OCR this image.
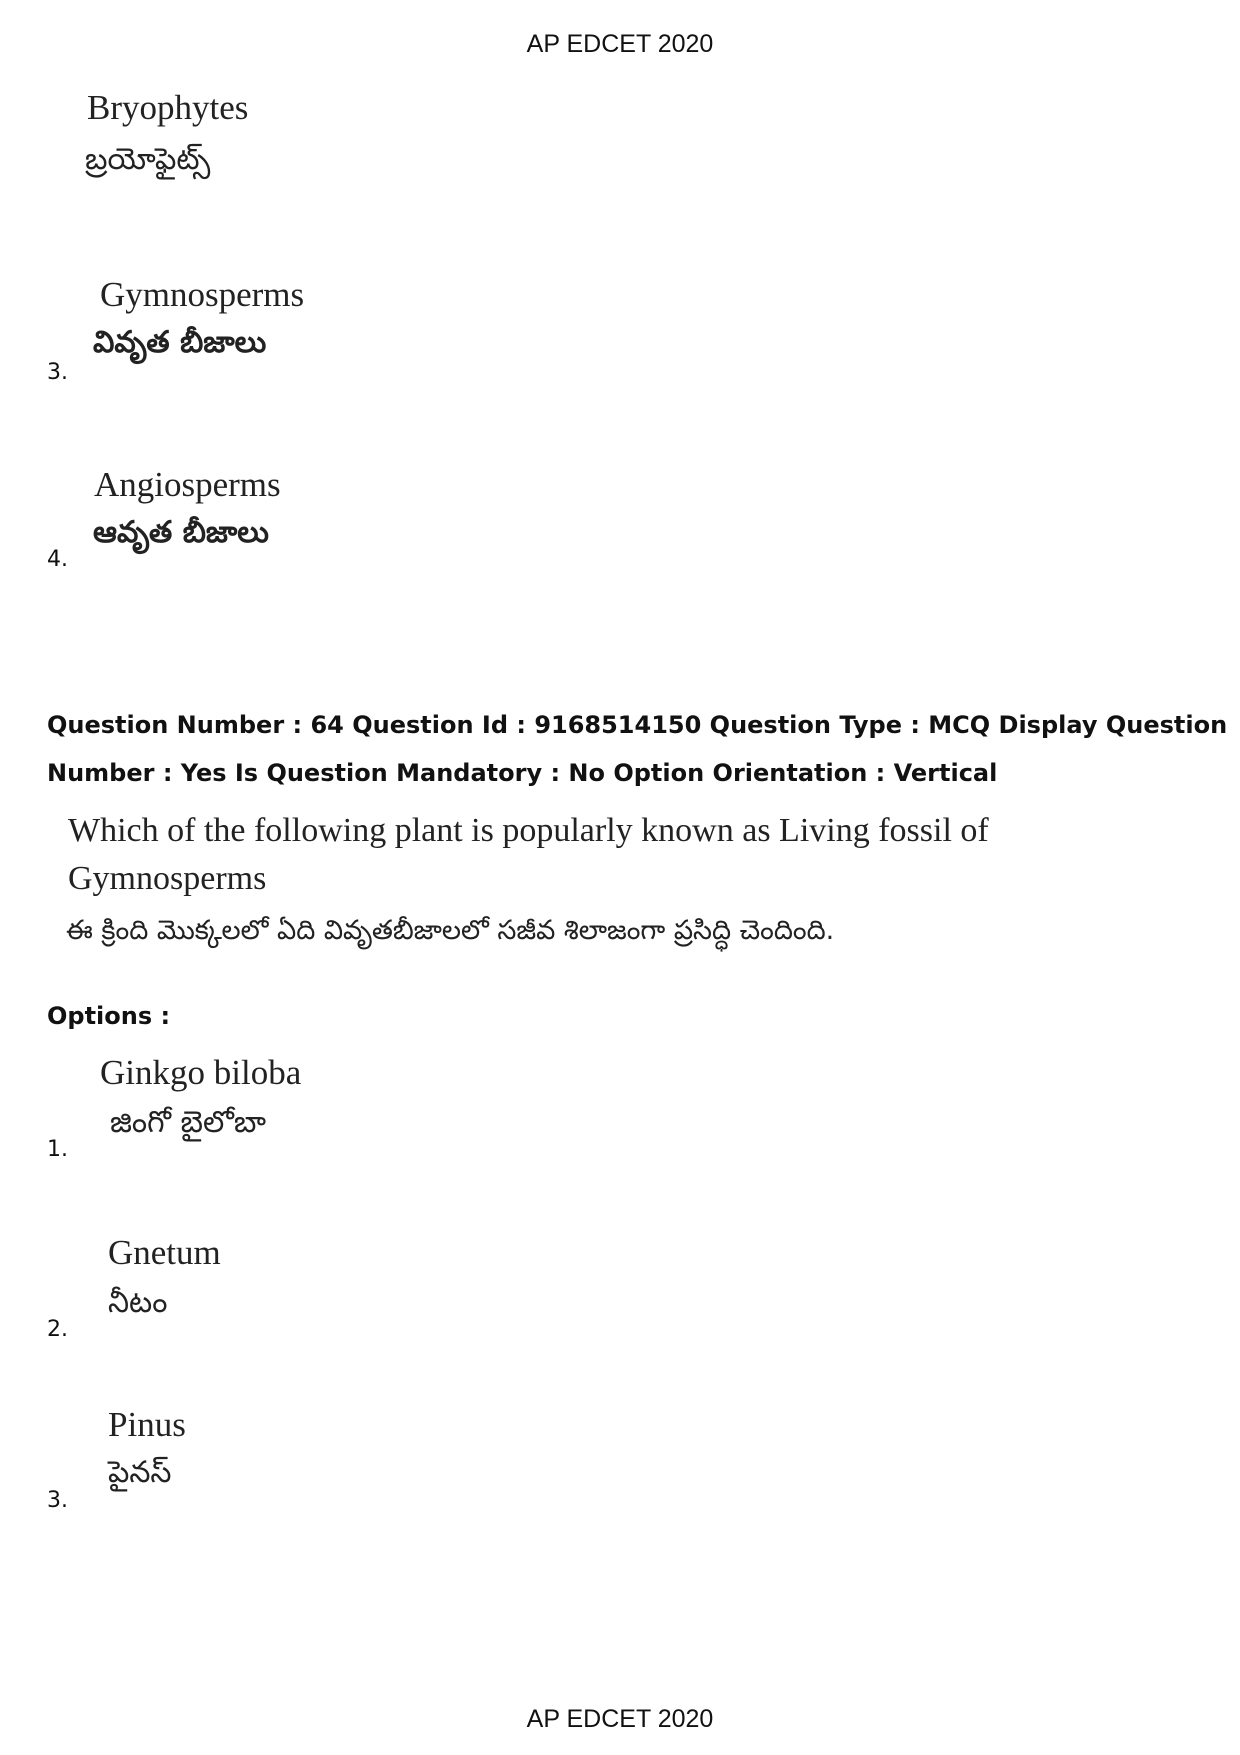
AP EDCET 2020
Bryophytes
బ్రయోఫైట్స్
3.
Gymnosperms
వివృత బీజాలు
4.
Angiosperms
ఆవృత బీజాలు
Question Number : 64 Question Id : 9168514150 Question Type : MCQ Display Question
Number : Yes Is Question Mandatory : No Option Orientation : Vertical
Which of the following plant is popularly known as Living fossil of
Gymnosperms
ఈ క్రింది మొక్కలలో ఏది వివృతబీజాలలో సజీవ శిలాజంగా ప్రసిద్ధి చెందింది.
Options :
1.
Ginkgo biloba
జింగో బైలోబా
2.
Gnetum
నీటం
3.
Pinus
పైనస్
AP EDCET 2020
